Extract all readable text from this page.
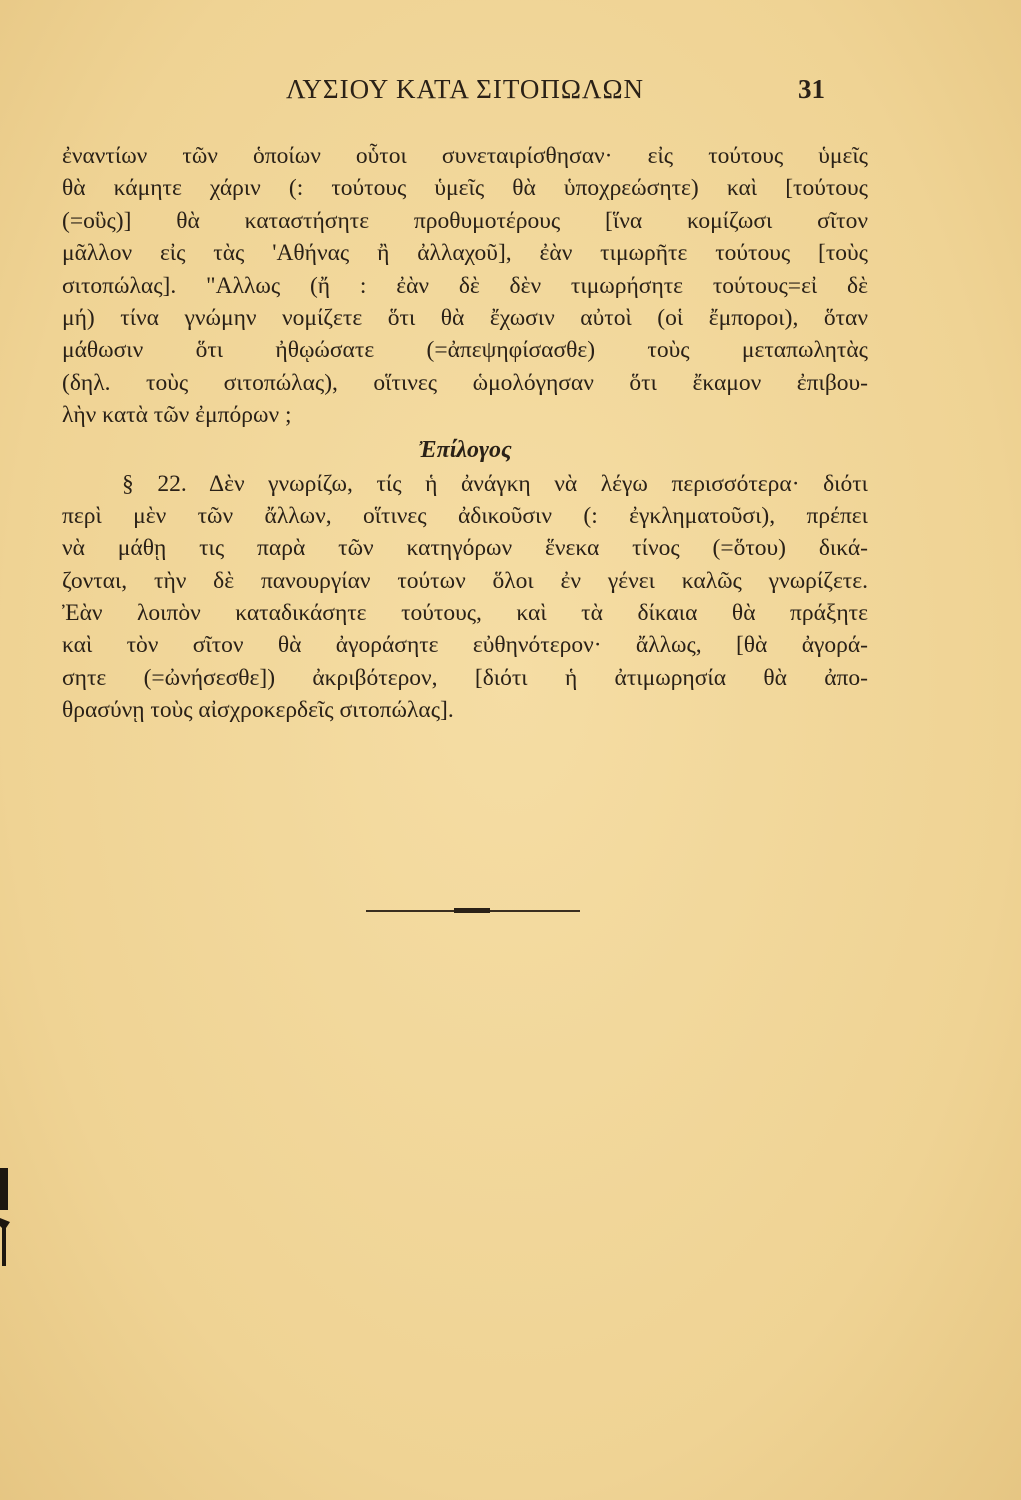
ΛΥΣΙΟΥ ΚΑΤΑ ΣΙΤΟΠΩΛΩΝ	31
ἐναντίων τῶν ὁποίων οὗτοι συνεταιρίσθησαν· εἰς τούτους ὑμεῖς
θὰ κάμητε χάριν (: τούτους ὑμεῖς θὰ ὑποχρεώσητε) καὶ [τούτους
(=οὓς)] θὰ καταστήσητε προθυμοτέρους [ἵνα κομίζωσι σῖτον
μᾶλλον εἰς τὰς 'Αθήνας ἢ ἀλλαχοῦ], ἐὰν τιμωρῆτε τούτους [τοὺς
σιτοπώλας]. "Αλλως (ἤ : ἐὰν δὲ δὲν τιμωρήσητε τούτους=εἰ δὲ
μή) τίνα γνώμην νομίζετε ὅτι θὰ ἔχωσιν αὐτοὶ (οἱ ἔμποροι), ὅταν
μάθωσιν ὅτι ἠθῳώσατε (=ἀπεψηφίσασθε) τοὺς μεταπωλητὰς
(δηλ. τοὺς σιτοπώλας), οἵτινες ὡμολόγησαν ὅτι ἔκαμον ἐπιβου-
λὴν κατὰ τῶν ἐμπόρων ;
Ἐπίλογος
§ 22. Δὲν γνωρίζω, τίς ἡ ἀνάγκη νὰ λέγω περισσότερα· διότι
περὶ μὲν τῶν ἄλλων, οἵτινες ἀδικοῦσιν (: ἐγκληματοῦσι), πρέπει
νὰ μάθῃ τις παρὰ τῶν κατηγόρων ἕνεκα τίνος (=ὅτου) δικά-
ζονται, τὴν δὲ πανουργίαν τούτων ὅλοι ἐν γένει καλῶς γνωρίζετε.
Ἐὰν λοιπὸν καταδικάσητε τούτους, καὶ τὰ δίκαια θὰ πράξητε
καὶ τὸν σῖτον θὰ ἀγοράσητε εὐθηνότερον· ἄλλως, [θὰ ἀγορά-
σητε (=ὠνήσεσθε]) ἀκριβότερον, [διότι ἡ ἀτιμωρησία θὰ ἀπο-
θρασύνῃ τοὺς αἰσχροκερδεῖς σιτοπώλας].
